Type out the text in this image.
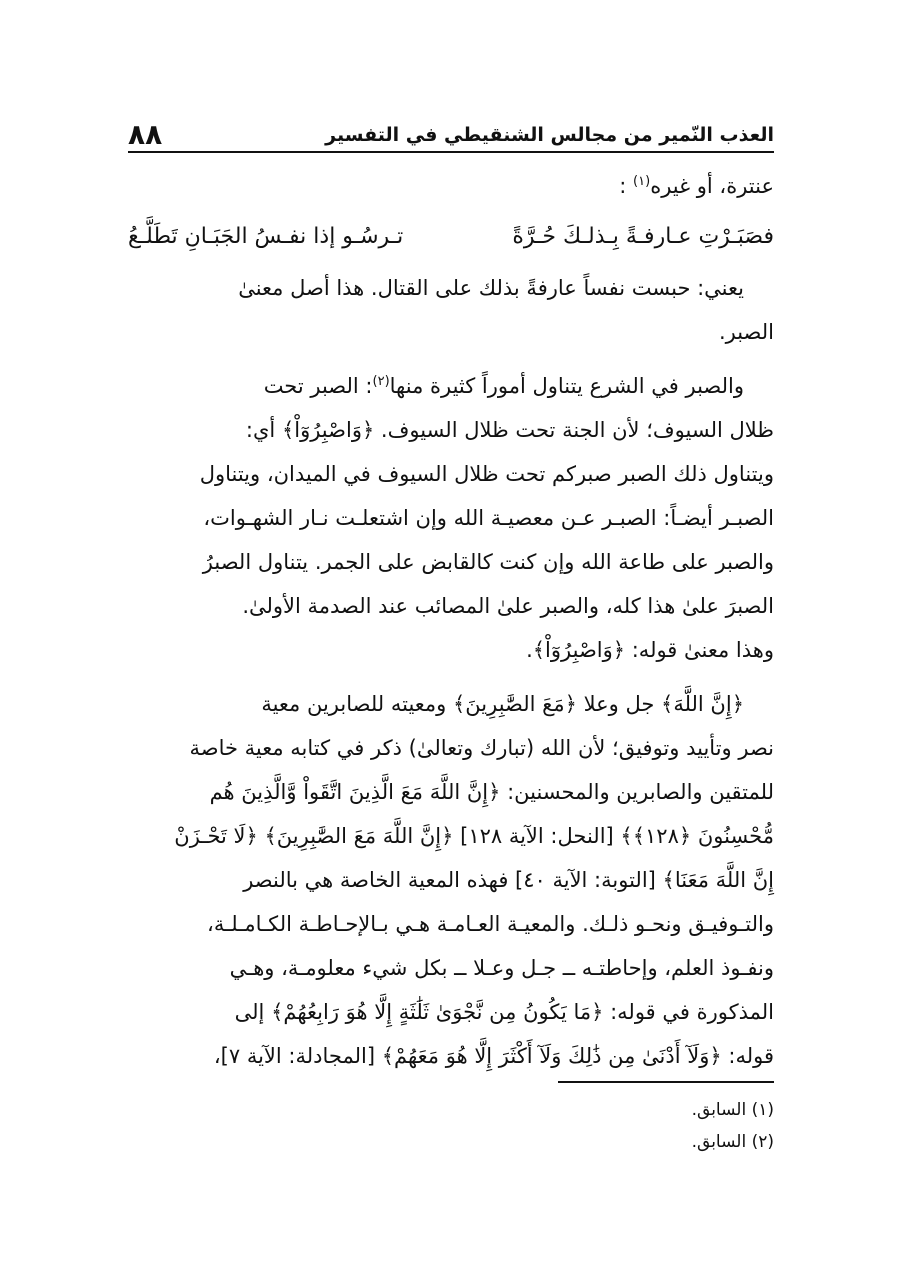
العذب النّمير من مجالس الشنقيطي في التفسير
٨٨
عنترة، أو غيره$^{(١)}$ :
فصَبَـرْتِ عـارفـةً بِـذلـكَ حُـرَّةً
تـرسُـو إذا نفـسُ الجَبَـانِ تَطَلَّـعُ
يعني: حبست نفساً عارفةً بذلك على القتال. هذا أصل معنىٰ
الصبر.
والصبر في الشرع يتناول أموراً كثيرة منها$^{(٢)}$: الصبر تحت
ظلال السيوف؛ لأن الجنة تحت ظلال السيوف. ﴿وَاصْبِرُوٓاْ﴾ أي:
ويتناول ذلك الصبر صبركم تحت ظلال السيوف في الميدان، ويتناول
الصبـر أيضـاً: الصبـر عـن معصيـة الله وإن اشتعلـت نـار الشهـوات،
والصبر على طاعة الله وإن كنت كالقابض على الجمر. يتناول الصبرُ
الصبرَ علىٰ هذا كله، والصبر علىٰ المصائب عند الصدمة الأولىٰ.
وهذا معنىٰ قوله: ﴿وَاصْبِرُوٓاْ﴾.
﴿إِنَّ اللَّهَ﴾ جل وعلا ﴿مَعَ الصَّٰبِرِينَ﴾ ومعيته للصابرين معية
نصر وتأييد وتوفيق؛ لأن الله (تبارك وتعالىٰ) ذكر في كتابه معية خاصة
للمتقين والصابرين والمحسنين: ﴿إِنَّ اللَّهَ مَعَ الَّذِينَ اتَّقَواْ وَّالَّذِينَ هُم
مُّحْسِنُونَ ﴿١٢٨﴾﴾ [النحل: الآية ١٢٨] ﴿إِنَّ اللَّهَ مَعَ الصَّٰبِرِينَ﴾ ﴿لَا تَحْـزَنْ
إِنَّ اللَّهَ مَعَنَا﴾ [التوبة: الآية ٤٠] فهذه المعية الخاصة هي بالنصر
والتـوفيـق ونحـو ذلـك. والمعيـة العـامـة هـي بـالإحـاطـة الكـامـلـة،
ونفـوذ العلم، وإحاطتـه ــ جـل وعـلا ــ بكل شيء معلومـة، وهـي
المذكورة في قوله: ﴿مَا يَكُونُ مِن نَّجْوَىٰ ثَلَٰثَةٍ إِلَّا هُوَ رَابِعُهُمْ﴾ إلى
قوله: ﴿وَلَآ أَدْنَىٰ مِن ذَٰلِكَ وَلَآ أَكْثَرَ إِلَّا هُوَ مَعَهُمْ﴾ [المجادلة: الآية ٧]،
(١) السابق.
(٢) السابق.
